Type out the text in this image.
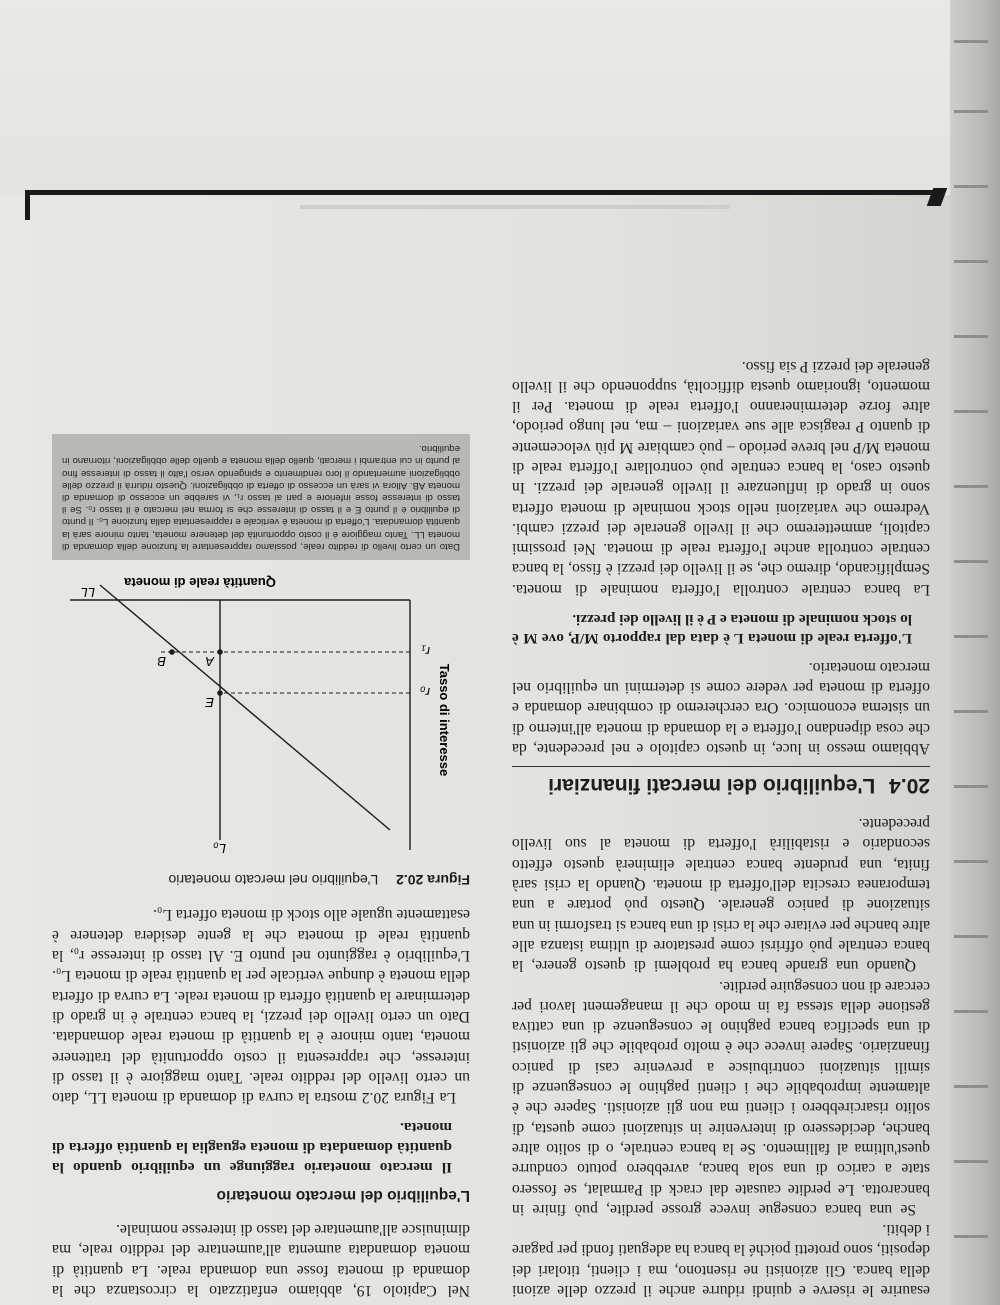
esaurire le riserve e quindi ridurre anche il prezzo delle azioni della banca. Gli azionisti ne risentono, ma i clienti, titolari dei depositi, sono protetti poiché la banca ha adeguati fondi per pagare i debiti.

Se una banca consegue invece grosse perdite, può finire in bancarotta. Le perdite causate dal crack di Parmalat, se fossero state a carico di una sola banca, avrebbero potuto condurre quest'ultima al fallimento. Se la banca centrale, o di solito altre banche, decidessero di intervenire in situazioni come questa, di solito risarcirebbero i clienti ma non gli azionisti. Sapere che è altamente improbabile che i clienti paghino le conseguenze di simili situazioni contribuisce a prevenire casi di panico finanziario. Sapere invece che è molto probabile che gli azionisti di una specifica banca paghino le conseguenze di una cattiva gestione della stessa fa in modo che il management lavori per cercare di non conseguire perdite.

Quando una grande banca ha problemi di questo genere, la banca centrale può offrirsi come prestatore di ultima istanza alle altre banche per evitare che la crisi di una banca si trasformi in una situazione di panico generale. Questo può portare a una temporanea crescita dell'offerta di moneta. Quando la crisi sarà finita, una prudente banca centrale eliminerà questo effetto secondario e ristabilirà l'offerta di moneta al suo livello precedente.

20.4 L'equilibrio dei mercati finanziari

Abbiamo messo in luce, in questo capitolo e nel precedente, da che cosa dipendano l'offerta e la domanda di moneta all'interno di un sistema economico. Ora cercheremo di combinare domanda e offerta di moneta per vedere come si determini un equilibrio nel mercato monetario.

L'offerta reale di moneta L è data dal rapporto M/P, ove M è lo stock nominale di moneta e P è il livello dei prezzi.

La banca centrale controlla l'offerta nominale di moneta. Semplificando, diremo che, se il livello dei prezzi è fisso, la banca centrale controlla anche l'offerta reale di moneta. Nei prossimi capitoli, ammetteremo che il livello generale dei prezzi cambi. Vedremo che variazioni nello stock nominale di moneta offerta sono in grado di influenzare il livello generale dei prezzi. In questo caso, la banca centrale può controllare l'offerta reale di moneta M/P nel breve periodo – può cambiare M più velocemente di quanto P reagisca alle sue variazioni – ma, nel lungo periodo, altre forze determineranno l'offerta reale di moneta. Per il momento, ignoriamo questa difficoltà, supponendo che il livello generale dei prezzi P sia fisso.

Nel Capitolo 19, abbiamo enfatizzato la circostanza che la domanda di moneta fosse una domanda reale. La quantità di moneta domandata aumenta all'aumentare del reddito reale, ma diminuisce all'aumentare del tasso di interesse nominale.

L'equilibrio del mercato monetario
Il mercato monetario raggiunge un equilibrio quando la quantità domandata di moneta eguaglia la quantità offerta di moneta.

La Figura 20.2 mostra la curva di domanda di moneta LL, dato un certo livello del reddito reale. Tanto maggiore è il tasso di interesse, che rappresenta il costo opportunità del trattenere moneta, tanto minore è la quantità di moneta reale domandata. Dato un certo livello dei prezzi, la banca centrale è in grado di determinare la quantità offerta di moneta reale. La curva di offerta della moneta è dunque verticale per la quantità reale di moneta L₀. L'equilibrio è raggiunto nel punto E. Al tasso di interesse r₀, la quantità reale di moneta che la gente desidera detenere è esattamente uguale allo stock di moneta offerta L₀.

Figura 20.2 L'equilibrio nel mercato monetario
Tasso di interesse
Quantità reale di moneta
LL
L₀
r₀
r₁
E
A
B
Dato un certo livello di reddito reale, possiamo rappresentare la funzione della domanda di moneta LL. Tanto maggiore è il costo opportunità del detenere moneta, tanto minore sarà la quantità domandata. L'offerta di moneta è verticale e rappresentata dalla funzione L₀. Il punto di equilibrio è il punto E e il tasso di interesse che si forma nel mercato è il tasso r₀. Se il tasso di interesse fosse inferiore e pari al tasso r₁, vi sarebbe un eccesso di domanda di moneta AB. Allora vi sarà un eccesso di offerta di obbligazioni. Questo ridurrà il prezzo delle obbligazioni aumentando il loro rendimento e spingendo verso l'alto il tasso di interesse fino al punto in cui entrambi i mercati, quello della moneta e quello delle obbligazioni, ritornano in equilibrio.
